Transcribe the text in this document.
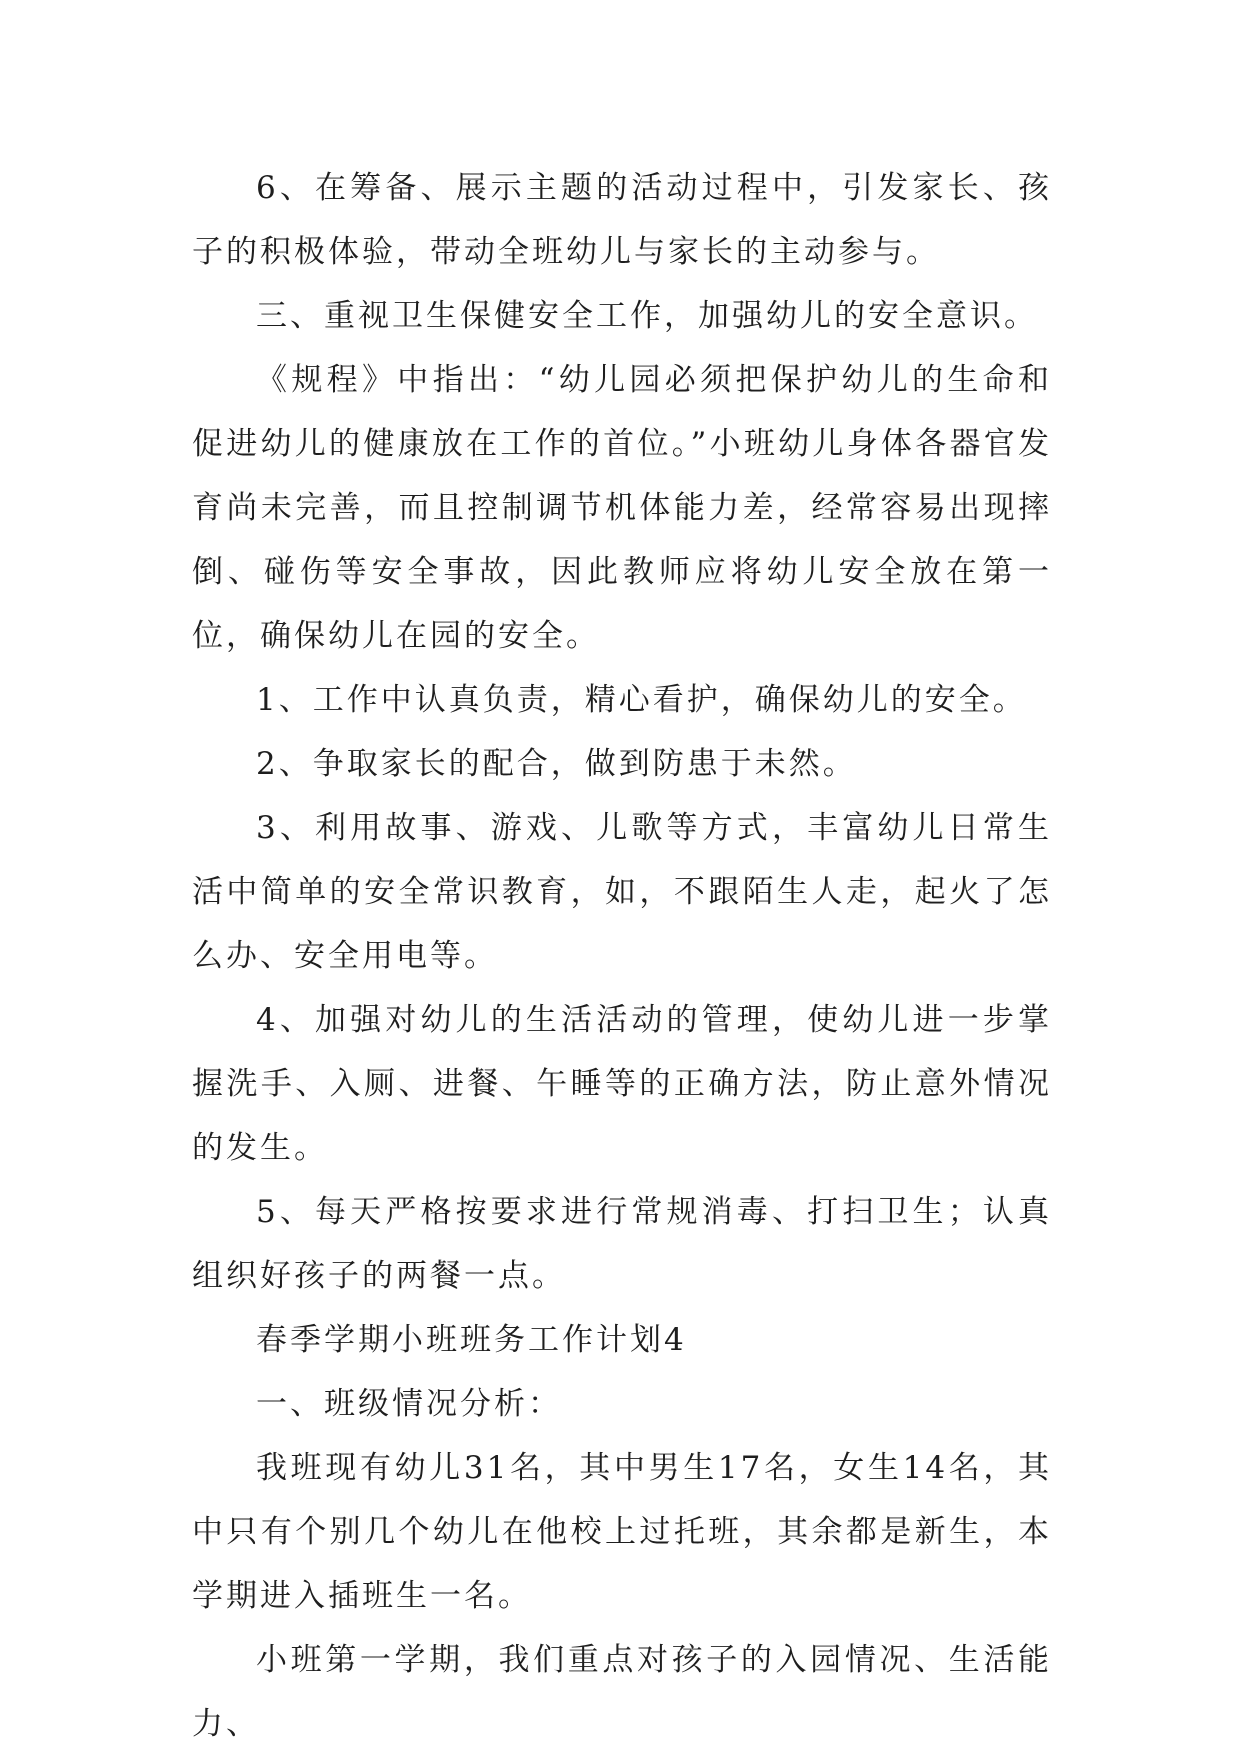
6、在筹备、展示主题的活动过程中，引发家长、孩子的积极体验，带动全班幼儿与家长的主动参与。

三、重视卫生保健安全工作，加强幼儿的安全意识。

《规程》中指出：“幼儿园必须把保护幼儿的生命和促进幼儿的健康放在工作的首位。”小班幼儿身体各器官发育尚未完善，而且控制调节机体能力差，经常容易出现摔倒、碰伤等安全事故，因此教师应将幼儿安全放在第一位，确保幼儿在园的安全。

1、工作中认真负责，精心看护，确保幼儿的安全。

2、争取家长的配合，做到防患于未然。

3、利用故事、游戏、儿歌等方式，丰富幼儿日常生活中简单的安全常识教育，如，不跟陌生人走，起火了怎么办、安全用电等。

4、加强对幼儿的生活活动的管理，使幼儿进一步掌握洗手、入厕、进餐、午睡等的正确方法，防止意外情况的发生。

5、每天严格按要求进行常规消毒、打扫卫生；认真组织好孩子的两餐一点。

春季学期小班班务工作计划4

一、班级情况分析：

我班现有幼儿31名，其中男生17名，女生14名，其中只有个别几个幼儿在他校上过托班，其余都是新生，本学期进入插班生一名。

小班第一学期，我们重点对孩子的入园情况、生活能力、
